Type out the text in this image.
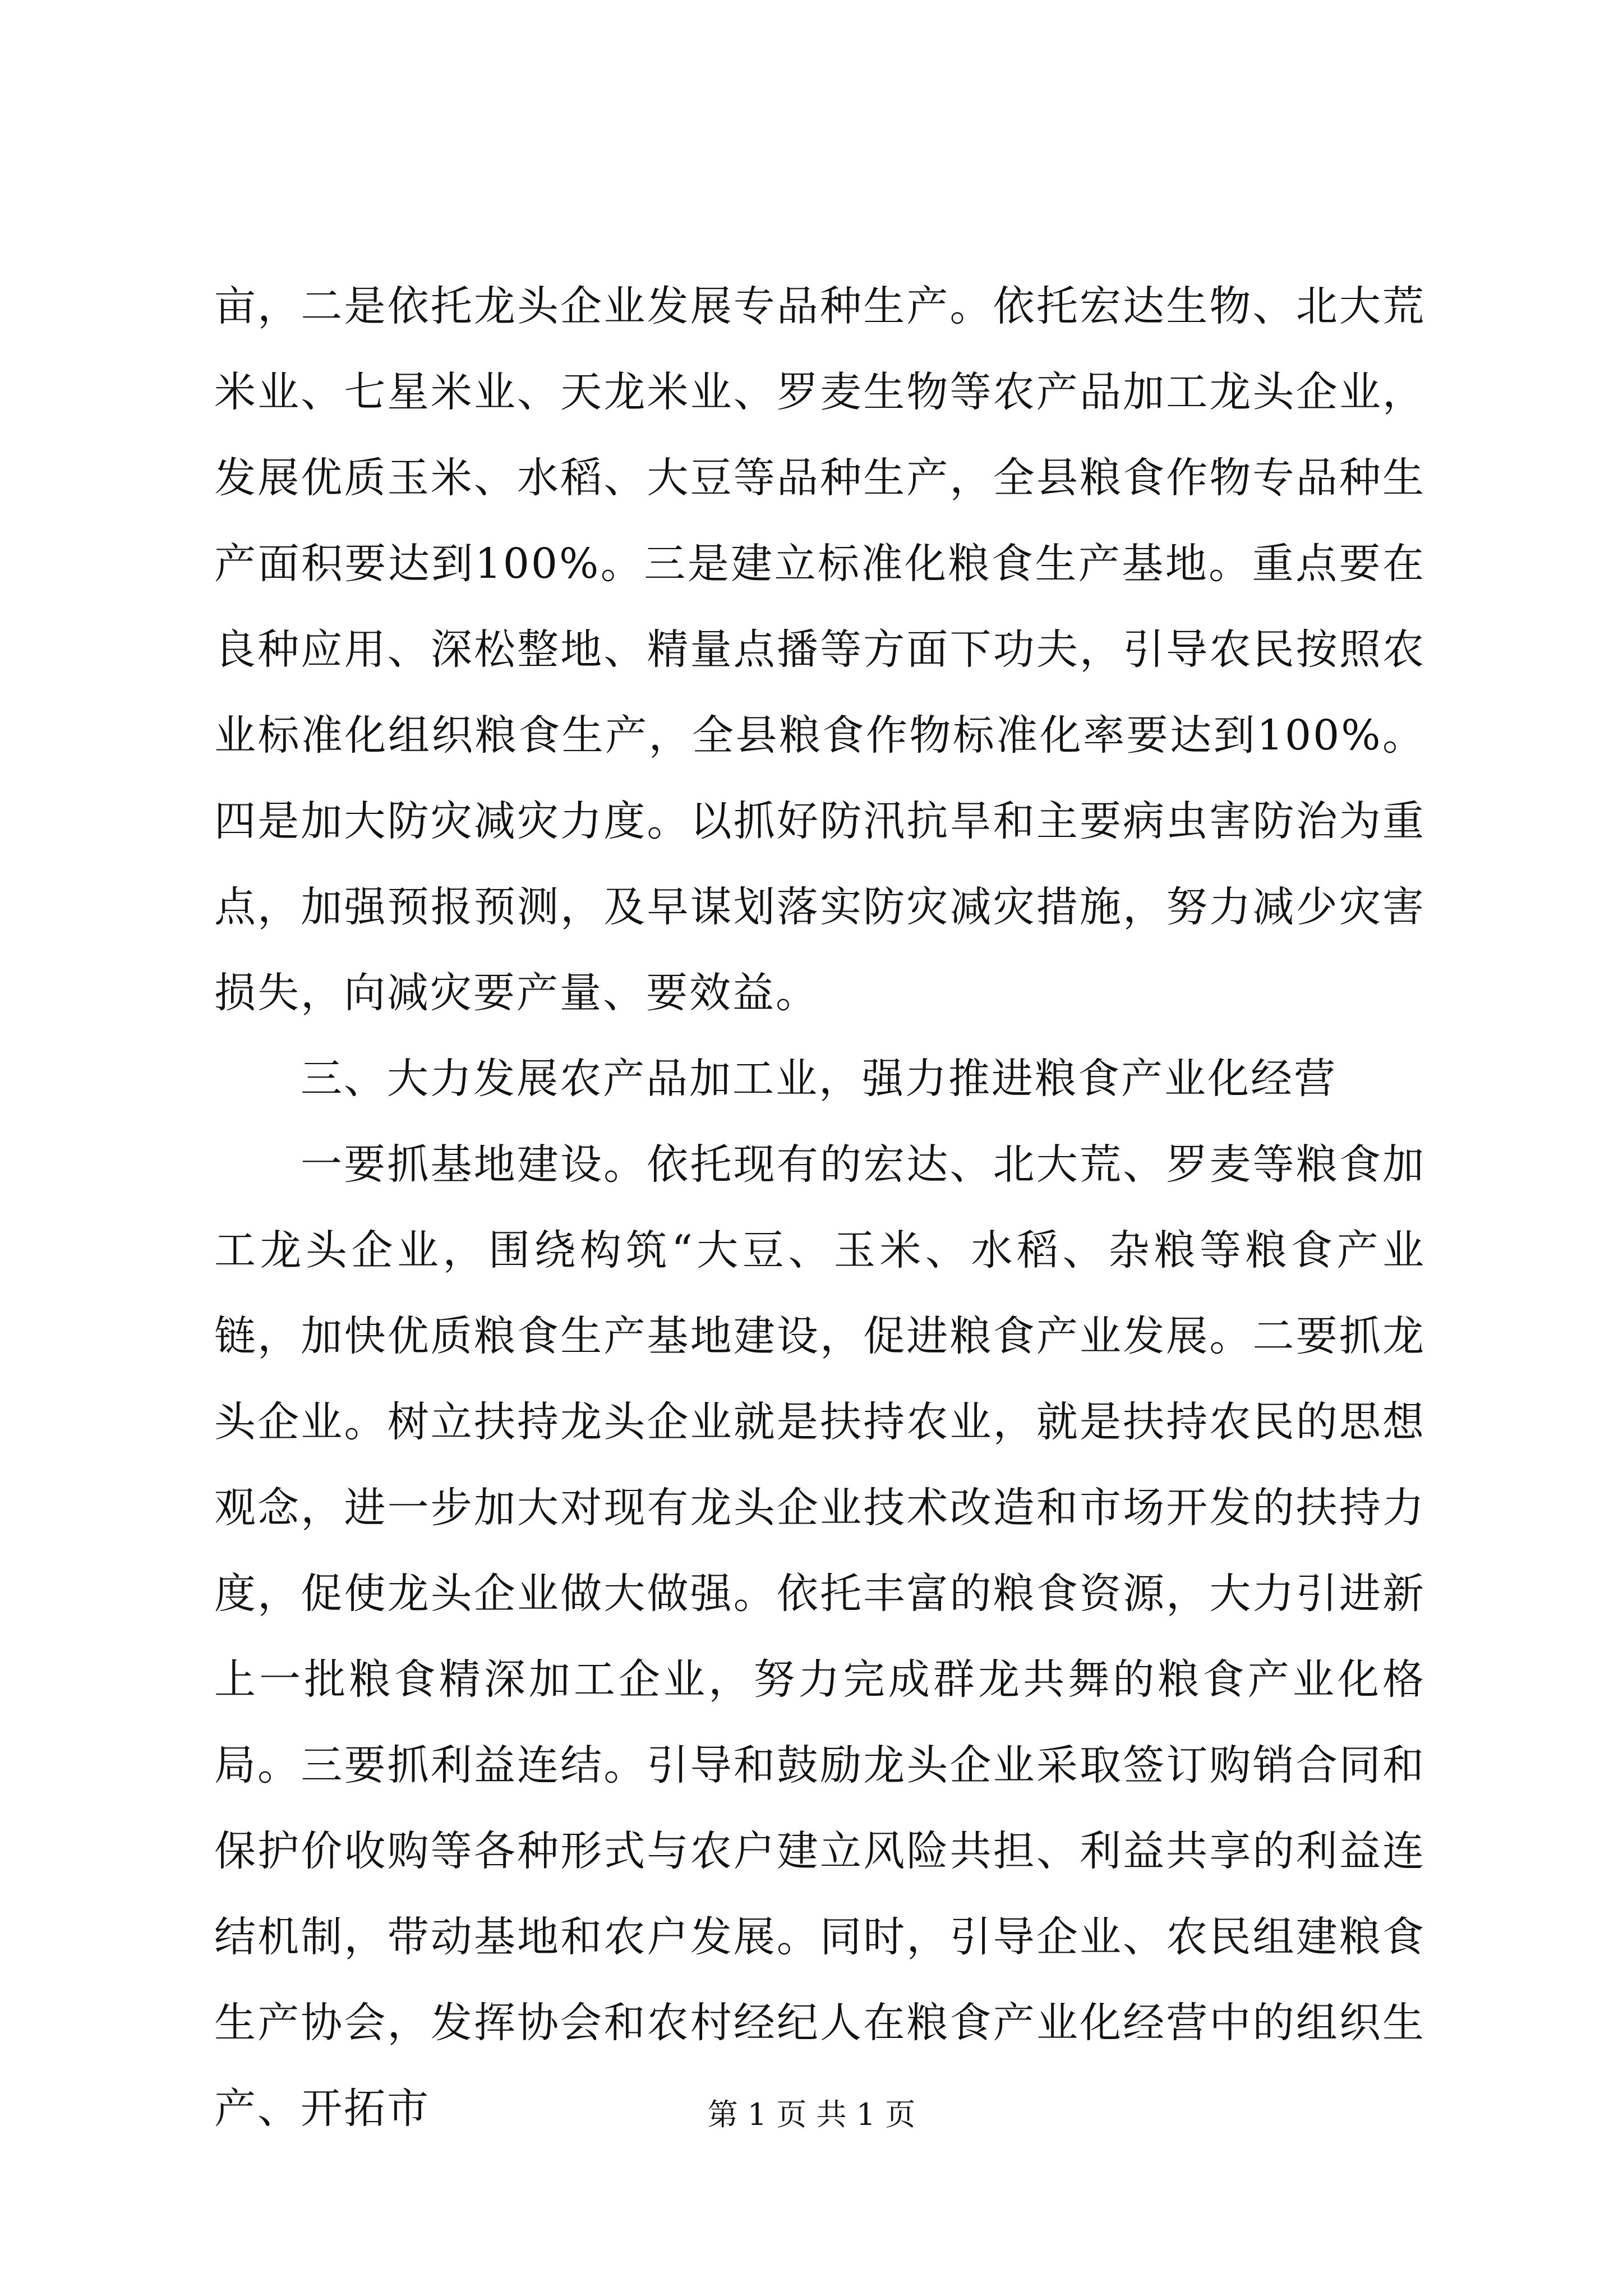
亩，二是依托龙头企业发展专品种生产。依托宏达生物、北大荒米业、七星米业、天龙米业、罗麦生物等农产品加工龙头企业，发展优质玉米、水稻、大豆等品种生产，全县粮食作物专品种生产面积要达到100%。三是建立标准化粮食生产基地。重点要在良种应用、深松整地、精量点播等方面下功夫，引导农民按照农业标准化组织粮食生产，全县粮食作物标准化率要达到100%。四是加大防灾减灾力度。以抓好防汛抗旱和主要病虫害防治为重点，加强预报预测，及早谋划落实防灾减灾措施，努力减少灾害损失，向减灾要产量、要效益。

三、大力发展农产品加工业，强力推进粮食产业化经营

一要抓基地建设。依托现有的宏达、北大荒、罗麦等粮食加工龙头企业，围绕构筑“大豆、玉米、水稻、杂粮等粮食产业链，加快优质粮食生产基地建设，促进粮食产业发展。二要抓龙头企业。树立扶持龙头企业就是扶持农业，就是扶持农民的思想观念，进一步加大对现有龙头企业技术改造和市场开发的扶持力度，促使龙头企业做大做强。依托丰富的粮食资源，大力引进新上一批粮食精深加工企业，努力完成群龙共舞的粮食产业化格局。三要抓利益连结。引导和鼓励龙头企业采取签订购销合同和保护价收购等各种形式与农户建立风险共担、利益共享的利益连结机制，带动基地和农户发展。同时，引导企业、农民组建粮食生产协会，发挥协会和农村经纪人在粮食产业化经营中的组织生产、开拓市	第 1 页 共 1 页
